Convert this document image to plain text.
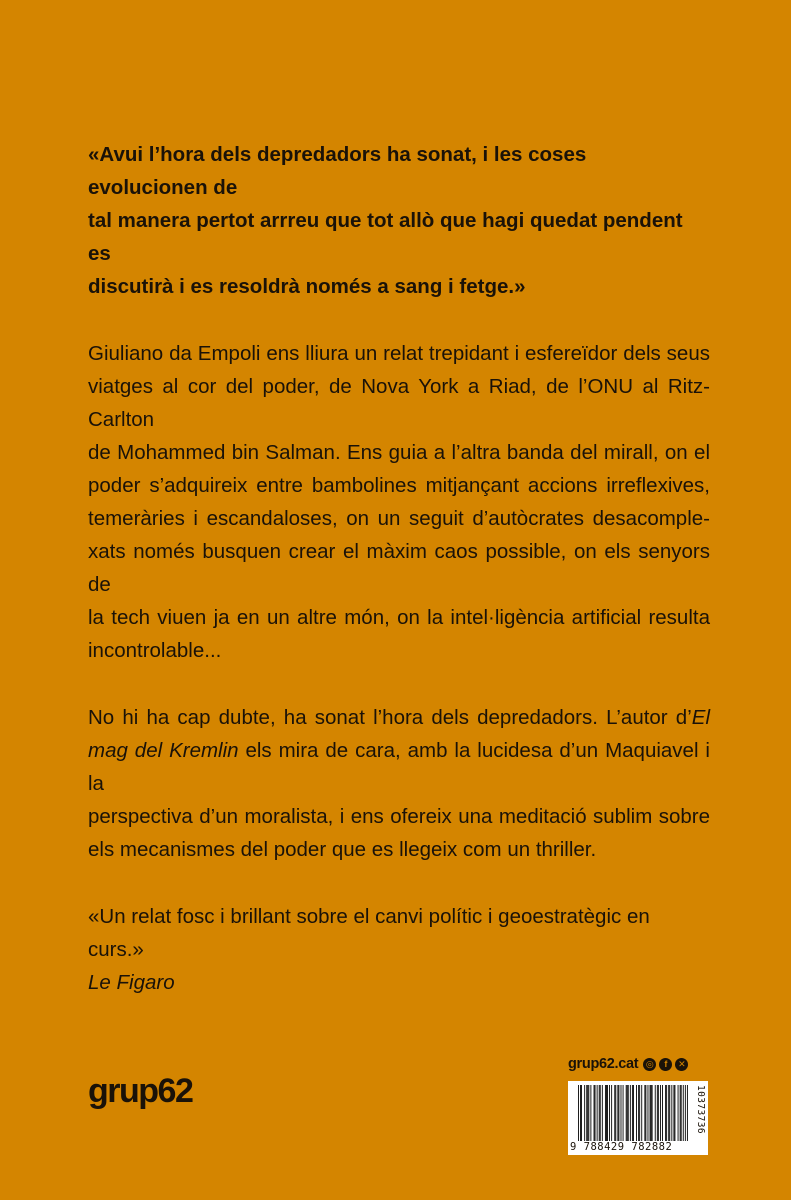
«Avui l’hora dels depredadors ha sonat, i les coses evolucionen de
tal manera pertot arrreu que tot allò que hagi quedat pendent es
discutirà i es resoldrà només a sang i fetge.»
Giuliano da Empoli ens lliura un relat trepidant i esfereïdor dels seus
viatges al cor del poder, de Nova York a Riad, de l’ONU al Ritz-Carlton
de Mohammed bin Salman. Ens guia a l’altra banda del mirall, on el
poder s’adquireix entre bambolines mitjançant accions irreflexives,
temeràries i escandaloses, on un seguit d’autòcrates desacomple-
xats només busquen crear el màxim caos possible, on els senyors de
la tech viuen ja en un altre món, on la intel·ligència artificial resulta
incontrolable...
No hi ha cap dubte, ha sonat l’hora dels depredadors. L’autor d’El
mag del Kremlin els mira de cara, amb la lucidesa d’un Maquiavel i la
perspectiva d’un moralista, i ens ofereix una meditació sublim sobre
els mecanismes del poder que es llegeix com un thriller.
«Un relat fosc i brillant sobre el canvi polític i geoestratègic en curs.»
Le Figaro
grup62
grup62.cat ◎	f	✕
9 788429 782882
10373736
